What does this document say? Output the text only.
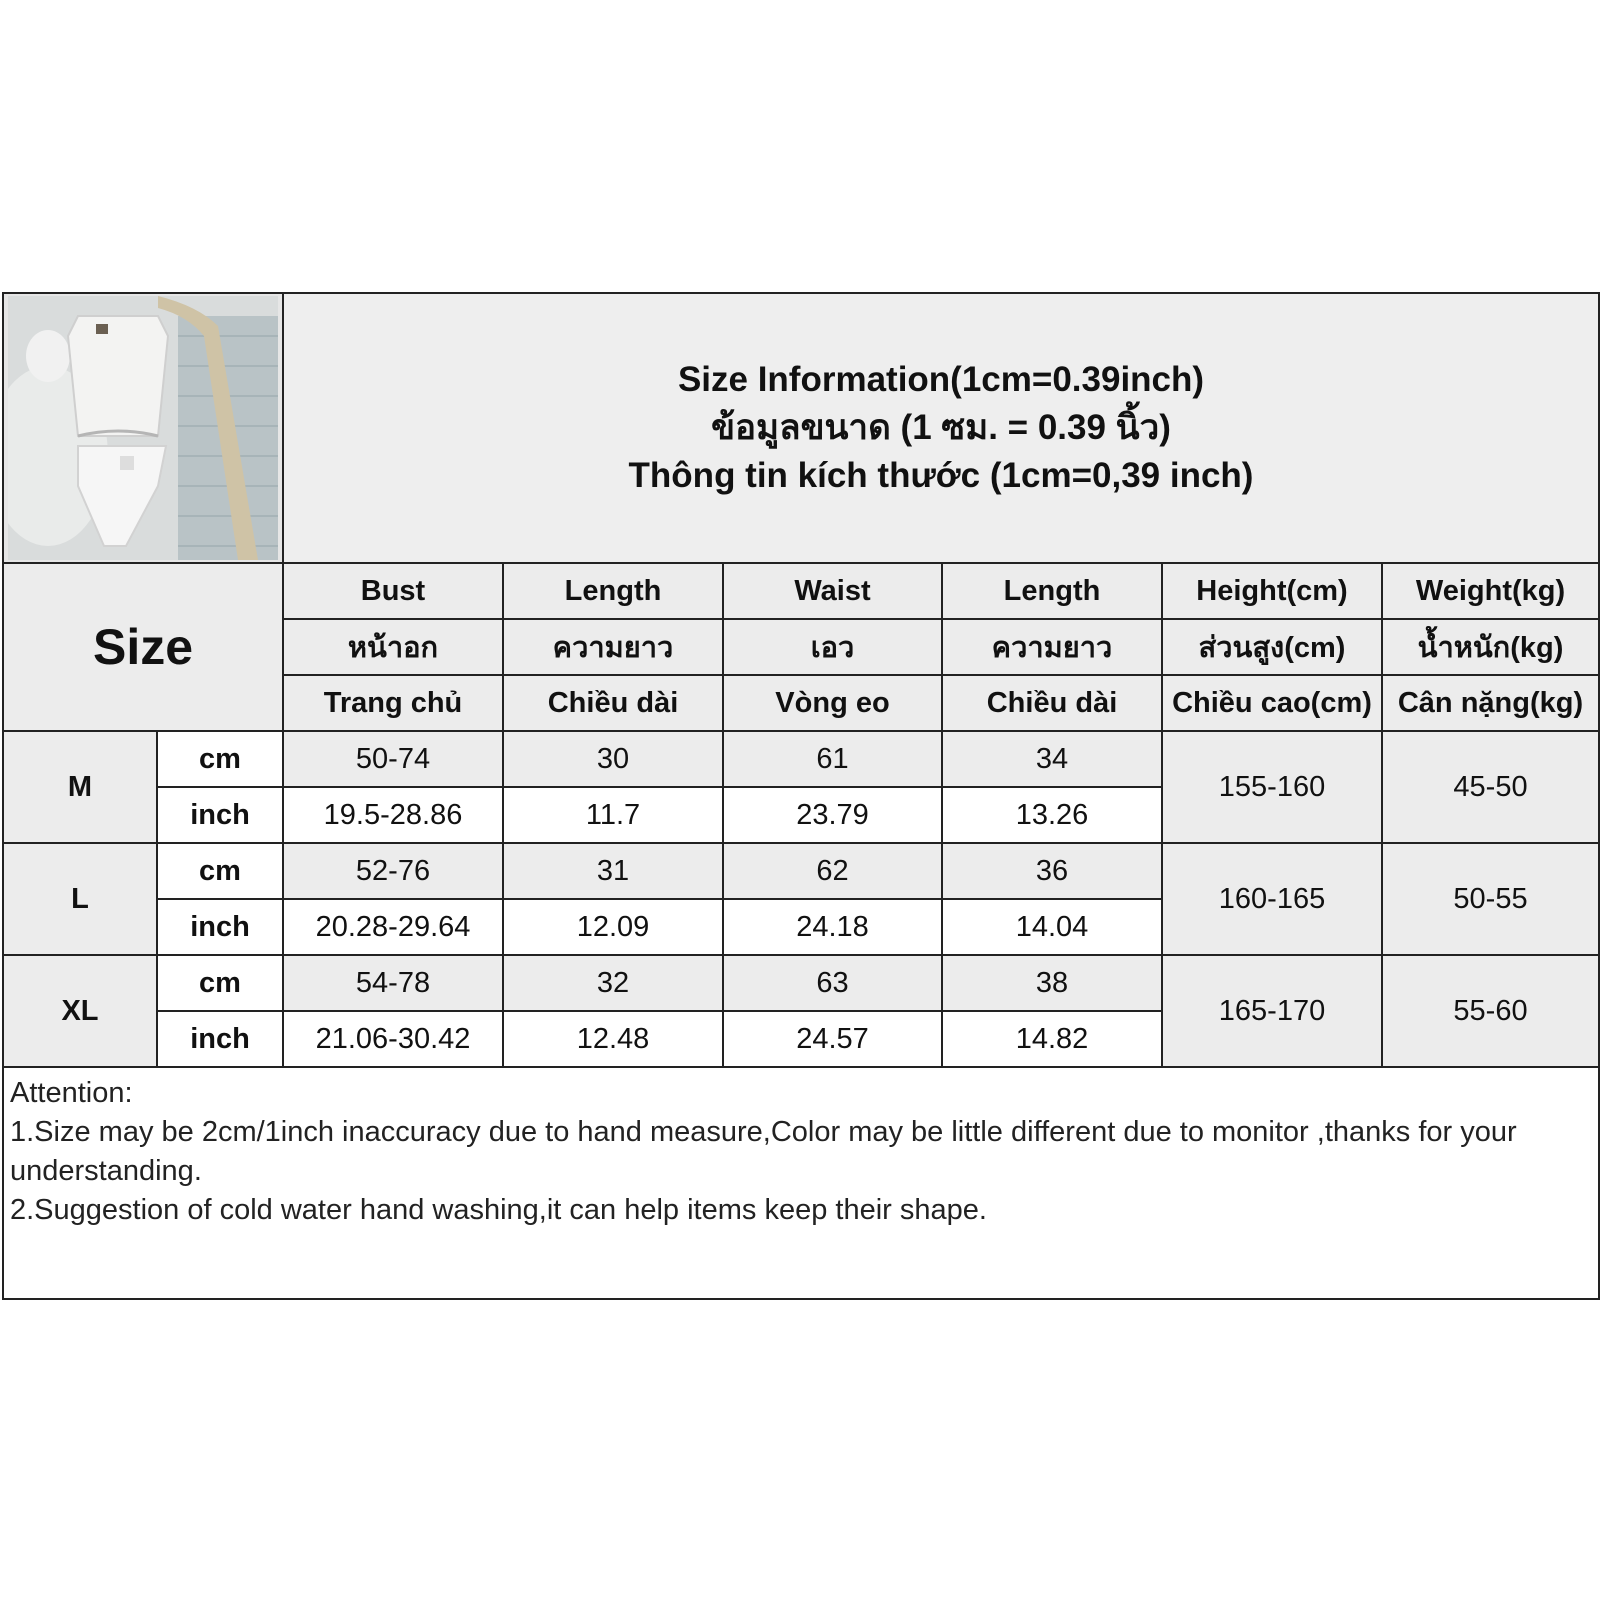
Size Information(1cm=0.39inch)
ข้อมูลขนาด (1 ซม. = 0.39 นิ้ว)
Thông tin kích thước (1cm=0,39 inch)					

Size		Bust	Length	Waist	Length	Height(cm)	Weight(kg)
		หน้าอก	ความยาว	เอว	ความยาว	ส่วนสูง(cm)	น้ำหนัก(kg)
		Trang chủ	Chiều dài	Vòng eo	Chiều dài	Chiều cao(cm)	Cân nặng(kg)
M	cm	50-74	30	61	34	155-160	45-50
	inch	19.5-28.86	11.7	23.79	13.26		
L	cm	52-76	31	62	36	160-165	50-55
	inch	20.28-29.64	12.09	24.18	14.04		
XL	cm	54-78	32	63	38	165-170	55-60
	inch	21.06-30.42	12.48	24.57	14.82		

Attention:
1.Size may be 2cm/1inch inaccuracy due to hand measure,Color may be little different due to monitor ,thanks for your understanding.
2.Suggestion of cold water hand washing,it can help items keep their shape.							
